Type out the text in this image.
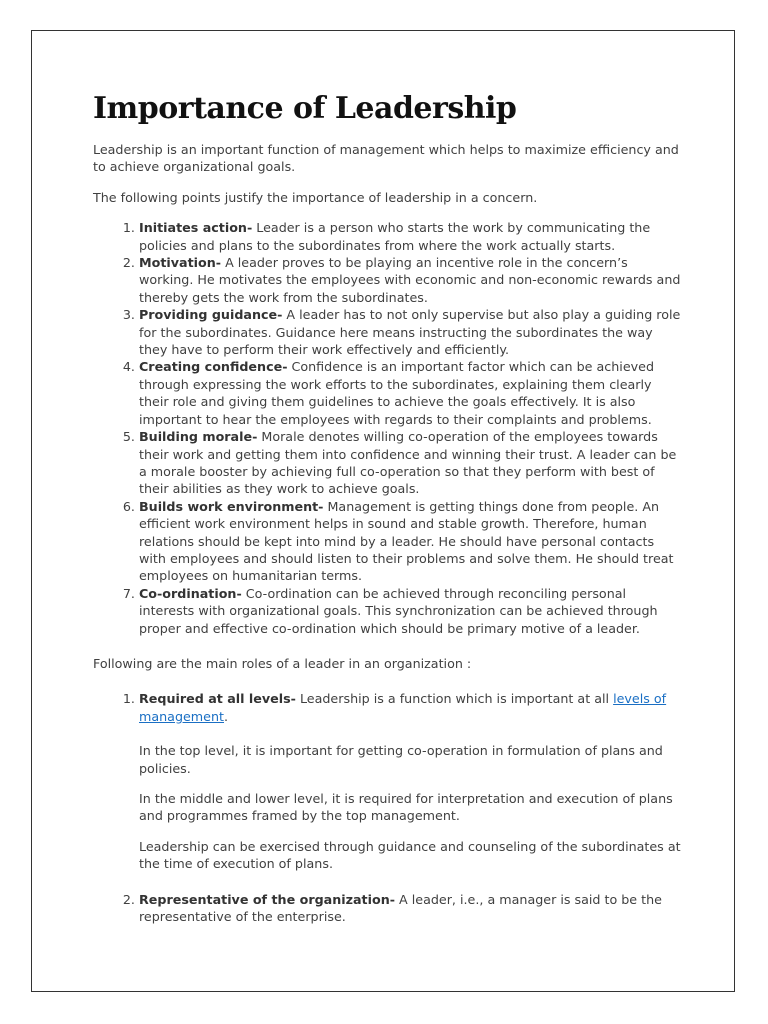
Importance of Leadership

Leadership is an important function of management which helps to maximize efficiency and to achieve organizational goals.

The following points justify the importance of leadership in a concern.

1. Initiates action- Leader is a person who starts the work by communicating the policies and plans to the subordinates from where the work actually starts.
2. Motivation- A leader proves to be playing an incentive role in the concern’s working. He motivates the employees with economic and non-economic rewards and thereby gets the work from the subordinates.
3. Providing guidance- A leader has to not only supervise but also play a guiding role for the subordinates. Guidance here means instructing the subordinates the way they have to perform their work effectively and efficiently.
4. Creating confidence- Confidence is an important factor which can be achieved through expressing the work efforts to the subordinates, explaining them clearly their role and giving them guidelines to achieve the goals effectively. It is also important to hear the employees with regards to their complaints and problems.
5. Building morale- Morale denotes willing co-operation of the employees towards their work and getting them into confidence and winning their trust. A leader can be a morale booster by achieving full co-operation so that they perform with best of their abilities as they work to achieve goals.
6. Builds work environment- Management is getting things done from people. An efficient work environment helps in sound and stable growth. Therefore, human relations should be kept into mind by a leader. He should have personal contacts with employees and should listen to their problems and solve them. He should treat employees on humanitarian terms.
7. Co-ordination- Co-ordination can be achieved through reconciling personal interests with organizational goals. This synchronization can be achieved through proper and effective co-ordination which should be primary motive of a leader.

Following are the main roles of a leader in an organization :

1. Required at all levels- Leadership is a function which is important at all levels of management.

In the top level, it is important for getting co-operation in formulation of plans and policies.

In the middle and lower level, it is required for interpretation and execution of plans and programmes framed by the top management.

Leadership can be exercised through guidance and counseling of the subordinates at the time of execution of plans.

2. Representative of the organization- A leader, i.e., a manager is said to be the representative of the enterprise.
